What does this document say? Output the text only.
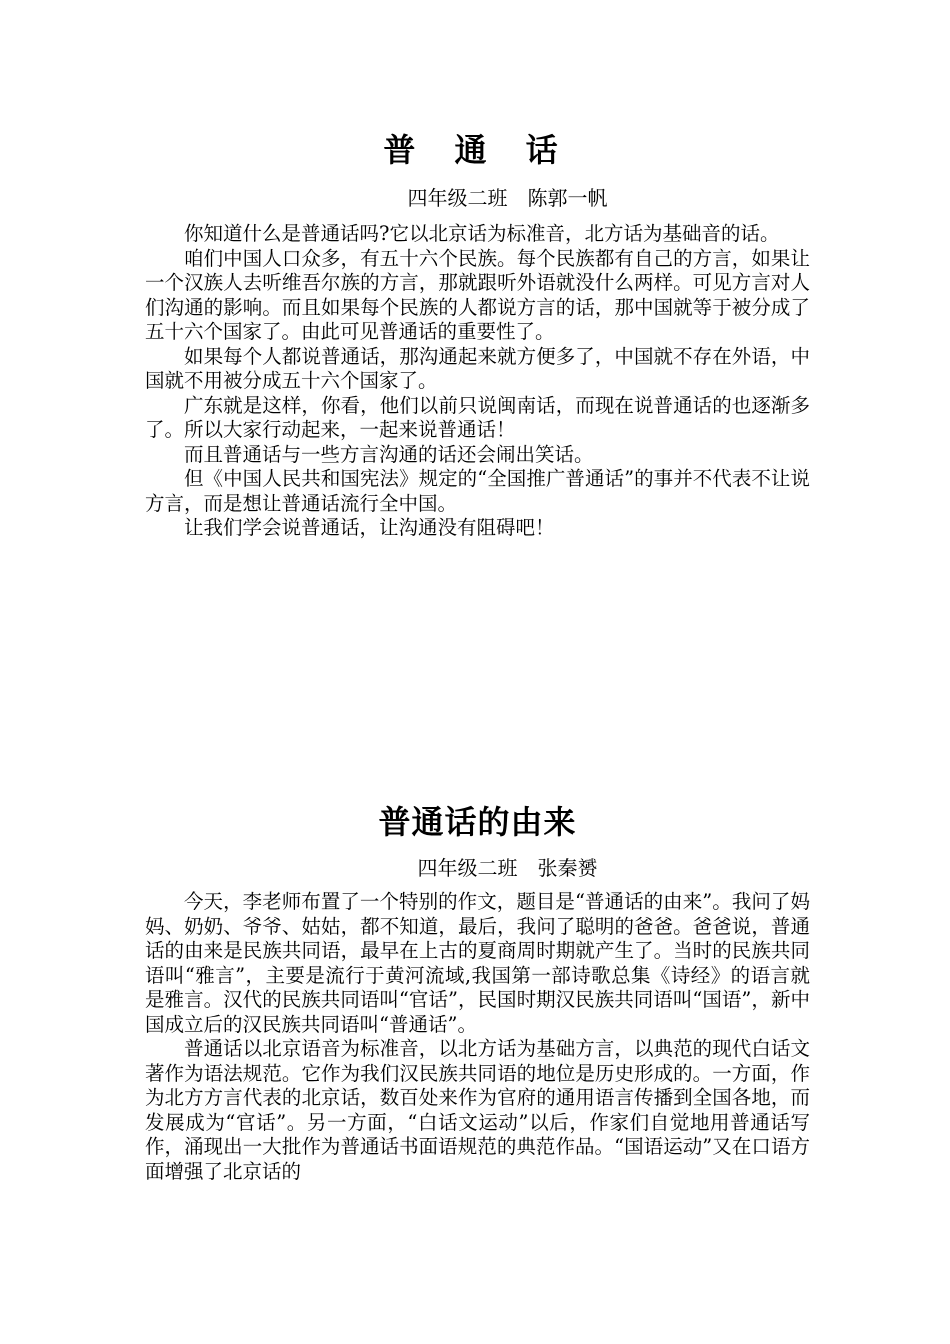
普 通 话
四年级二班　陈郭一帆

你知道什么是普通话吗?它以北京话为标准音，北方话为基础音的话。

咱们中国人口众多，有五十六个民族。每个民族都有自己的方言，如果让一个汉族人去听维吾尔族的方言，那就跟听外语就没什么两样。可见方言对人们沟通的影响。而且如果每个民族的人都说方言的话，那中国就等于被分成了五十六个国家了。由此可见普通话的重要性了。

如果每个人都说普通话，那沟通起来就方便多了，中国就不存在外语，中国就不用被分成五十六个国家了。

广东就是这样，你看，他们以前只说闽南话，而现在说普通话的也逐渐多了。所以大家行动起来，一起来说普通话！

而且普通话与一些方言沟通的话还会闹出笑话。

但《中国人民共和国宪法》规定的“全国推广普通话”的事并不代表不让说方言，而是想让普通话流行全中国。

让我们学会说普通话，让沟通没有阻碍吧！

普通话的由来
四年级二班　张秦赟

今天，李老师布置了一个特别的作文，题目是“普通话的由来”。我问了妈妈、奶奶、爷爷、姑姑，都不知道，最后，我问了聪明的爸爸。爸爸说，普通话的由来是民族共同语，最早在上古的夏商周时期就产生了。当时的民族共同语叫“雅言”，主要是流行于黄河流域,我国第一部诗歌总集《诗经》的语言就是雅言。汉代的民族共同语叫“官话”，民国时期汉民族共同语叫“国语”，新中国成立后的汉民族共同语叫“普通话”。

普通话以北京语音为标准音，以北方话为基础方言，以典范的现代白话文著作为语法规范。它作为我们汉民族共同语的地位是历史形成的。一方面，作为北方方言代表的北京话，数百处来作为官府的通用语言传播到全国各地，而发展成为“官话”。另一方面，“白话文运动”以后，作家们自觉地用普通话写作，涌现出一大批作为普通话书面语规范的典范作品。“国语运动”又在口语方面增强了北京话的
